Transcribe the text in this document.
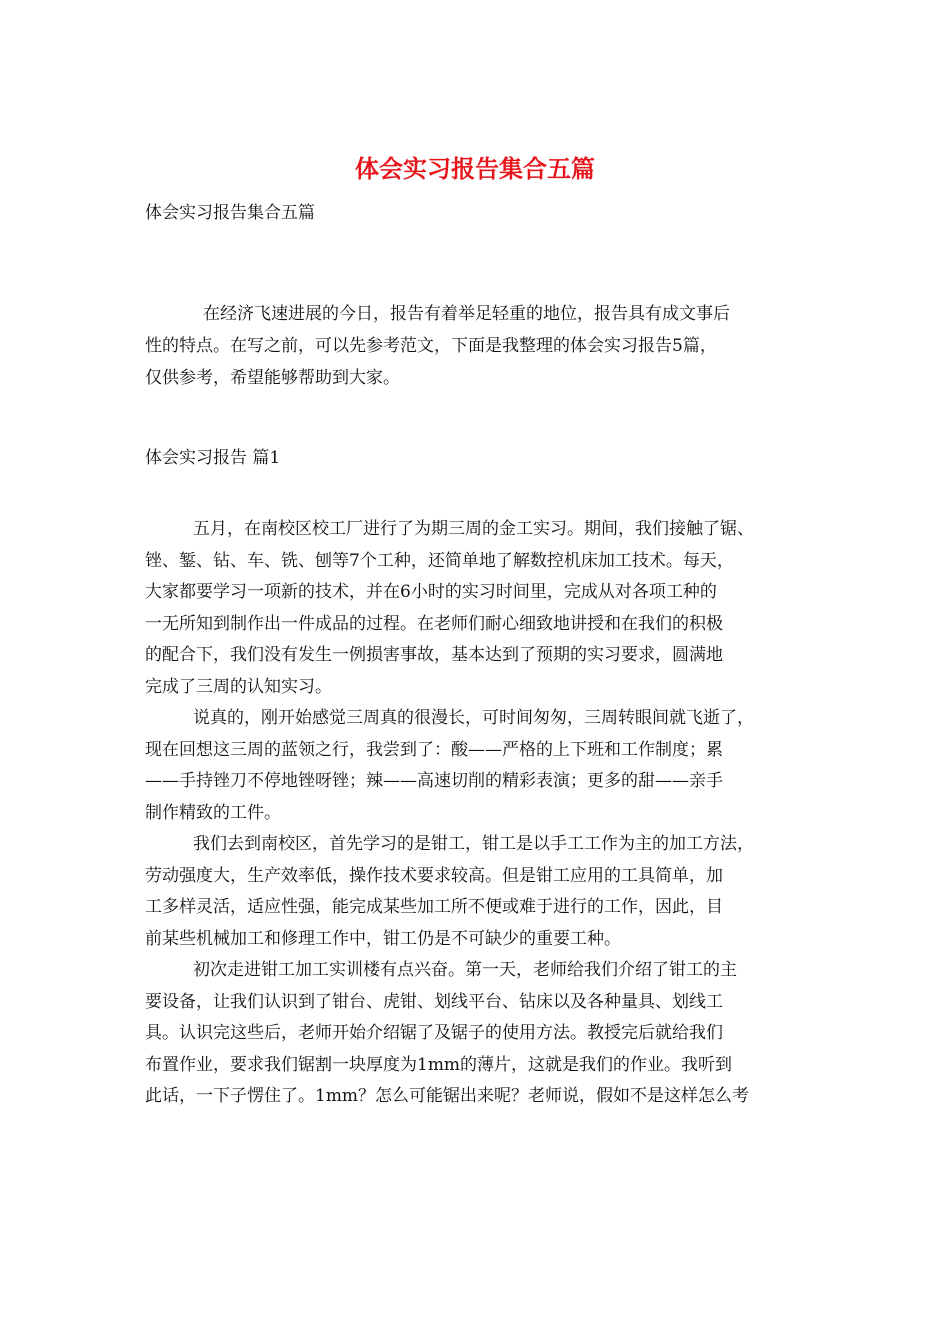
体会实习报告集合五篇
体会实习报告集合五篇
在经济飞速进展的今日，报告有着举足轻重的地位，报告具有成文事后
性的特点。在写之前，可以先参考范文，下面是我整理的体会实习报告5篇，
仅供参考，希望能够帮助到大家。
体会实习报告 篇1
五月，在南校区校工厂进行了为期三周的金工实习。期间，我们接触了锯、
锉、錾、钻、车、铣、刨等7个工种，还简单地了解数控机床加工技术。每天，
大家都要学习一项新的技术，并在6小时的实习时间里，完成从对各项工种的
一无所知到制作出一件成品的过程。在老师们耐心细致地讲授和在我们的积极
的配合下，我们没有发生一例损害事故，基本达到了预期的实习要求，圆满地
完成了三周的认知实习。
说真的，刚开始感觉三周真的很漫长，可时间匆匆，三周转眼间就飞逝了，
现在回想这三周的蓝领之行，我尝到了：酸——严格的上下班和工作制度；累
——手持锉刀不停地锉呀锉；辣——高速切削的精彩表演；更多的甜——亲手
制作精致的工件。
我们去到南校区，首先学习的是钳工，钳工是以手工工作为主的加工方法，
劳动强度大，生产效率低，操作技术要求较高。但是钳工应用的工具简单，加
工多样灵活，适应性强，能完成某些加工所不便或难于进行的工作，因此，目
前某些机械加工和修理工作中，钳工仍是不可缺少的重要工种。
初次走进钳工加工实训楼有点兴奋。第一天，老师给我们介绍了钳工的主
要设备，让我们认识到了钳台、虎钳、划线平台、钻床以及各种量具、划线工
具。认识完这些后，老师开始介绍锯了及锯子的使用方法。教授完后就给我们
布置作业，要求我们锯割一块厚度为1mm的薄片，这就是我们的作业。我听到
此话，一下子愣住了。1mm？怎么可能锯出来呢？老师说，假如不是这样怎么考
